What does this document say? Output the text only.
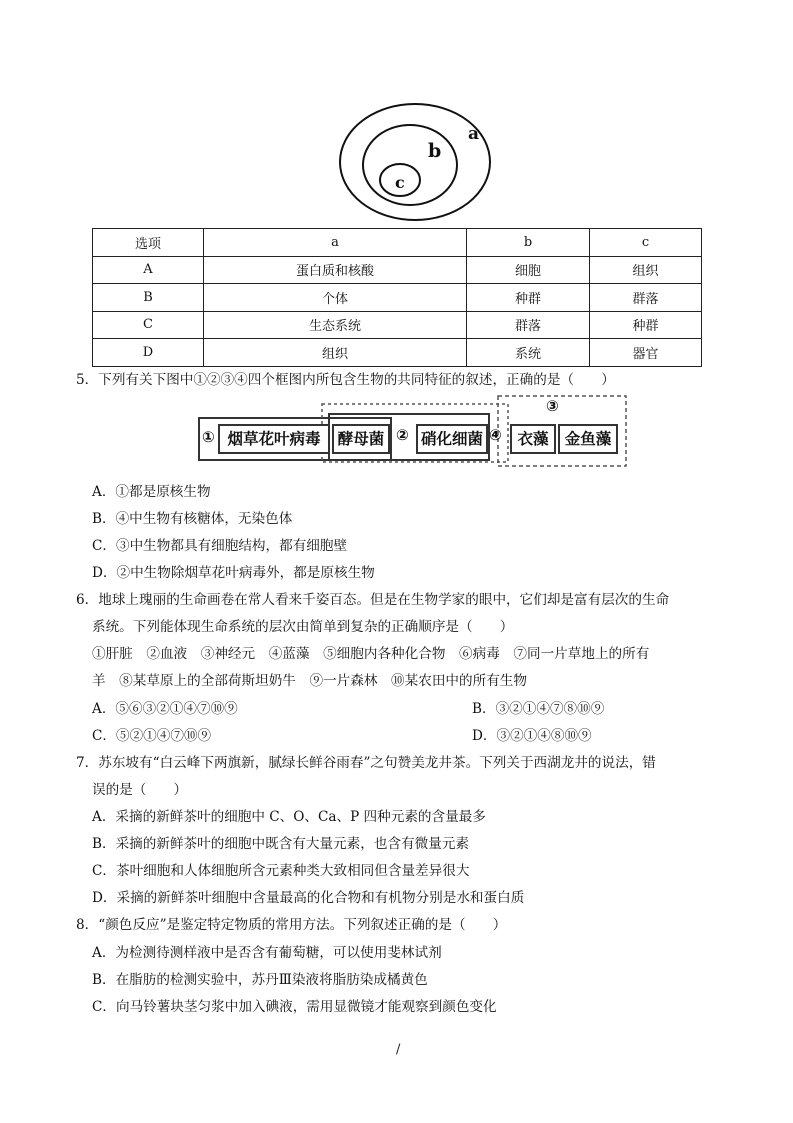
a
b
c
选项	a	b	c
A	蛋白质和核酸	细胞	组织
B	个体	种群	群落
C	生态系统	群落	种群
D	组织	系统	器官
5．下列有关下图中①②③④四个框图内所包含生物的共同特征的叙述，正确的是（　　）
①	②
③
④
烟草花叶病毒	酵母菌	硝化细菌	衣藻	金鱼藻
A．①都是原核生物
B．④中生物有核糖体，无染色体
C．③中生物都具有细胞结构，都有细胞壁
D．②中生物除烟草花叶病毒外，都是原核生物
6．地球上瑰丽的生命画卷在常人看来千姿百态。但是在生物学家的眼中，它们却是富有层次的生命
系统。下列能体现生命系统的层次由简单到复杂的正确顺序是（　　）
①肝脏　②血液　③神经元　④蓝藻　⑤细胞内各种化合物　⑥病毒　⑦同一片草地上的所有
羊　⑧某草原上的全部荷斯坦奶牛　⑨一片森林　⑩某农田中的所有生物
A．⑤⑥③②①④⑦⑩⑨	B．③②①④⑦⑧⑩⑨
C．⑤②①④⑦⑩⑨	D．③②①④⑧⑩⑨
7．苏东坡有“白云峰下两旗新，腻绿长鲜谷雨春”之句赞美龙井茶。下列关于西湖龙井的说法，错
误的是（　　）
A．采摘的新鲜茶叶的细胞中 C、O、Ca、P 四种元素的含量最多
B．采摘的新鲜茶叶的细胞中既含有大量元素，也含有微量元素
C．茶叶细胞和人体细胞所含元素种类大致相同但含量差异很大
D．采摘的新鲜茶叶细胞中含量最高的化合物和有机物分别是水和蛋白质
8．“颜色反应”是鉴定特定物质的常用方法。下列叙述正确的是（　　）
A．为检测待测样液中是否含有葡萄糖，可以使用斐林试剂
B．在脂肪的检测实验中，苏丹Ⅲ染液将脂肪染成橘黄色
C．向马铃薯块茎匀浆中加入碘液，需用显微镜才能观察到颜色变化
/
